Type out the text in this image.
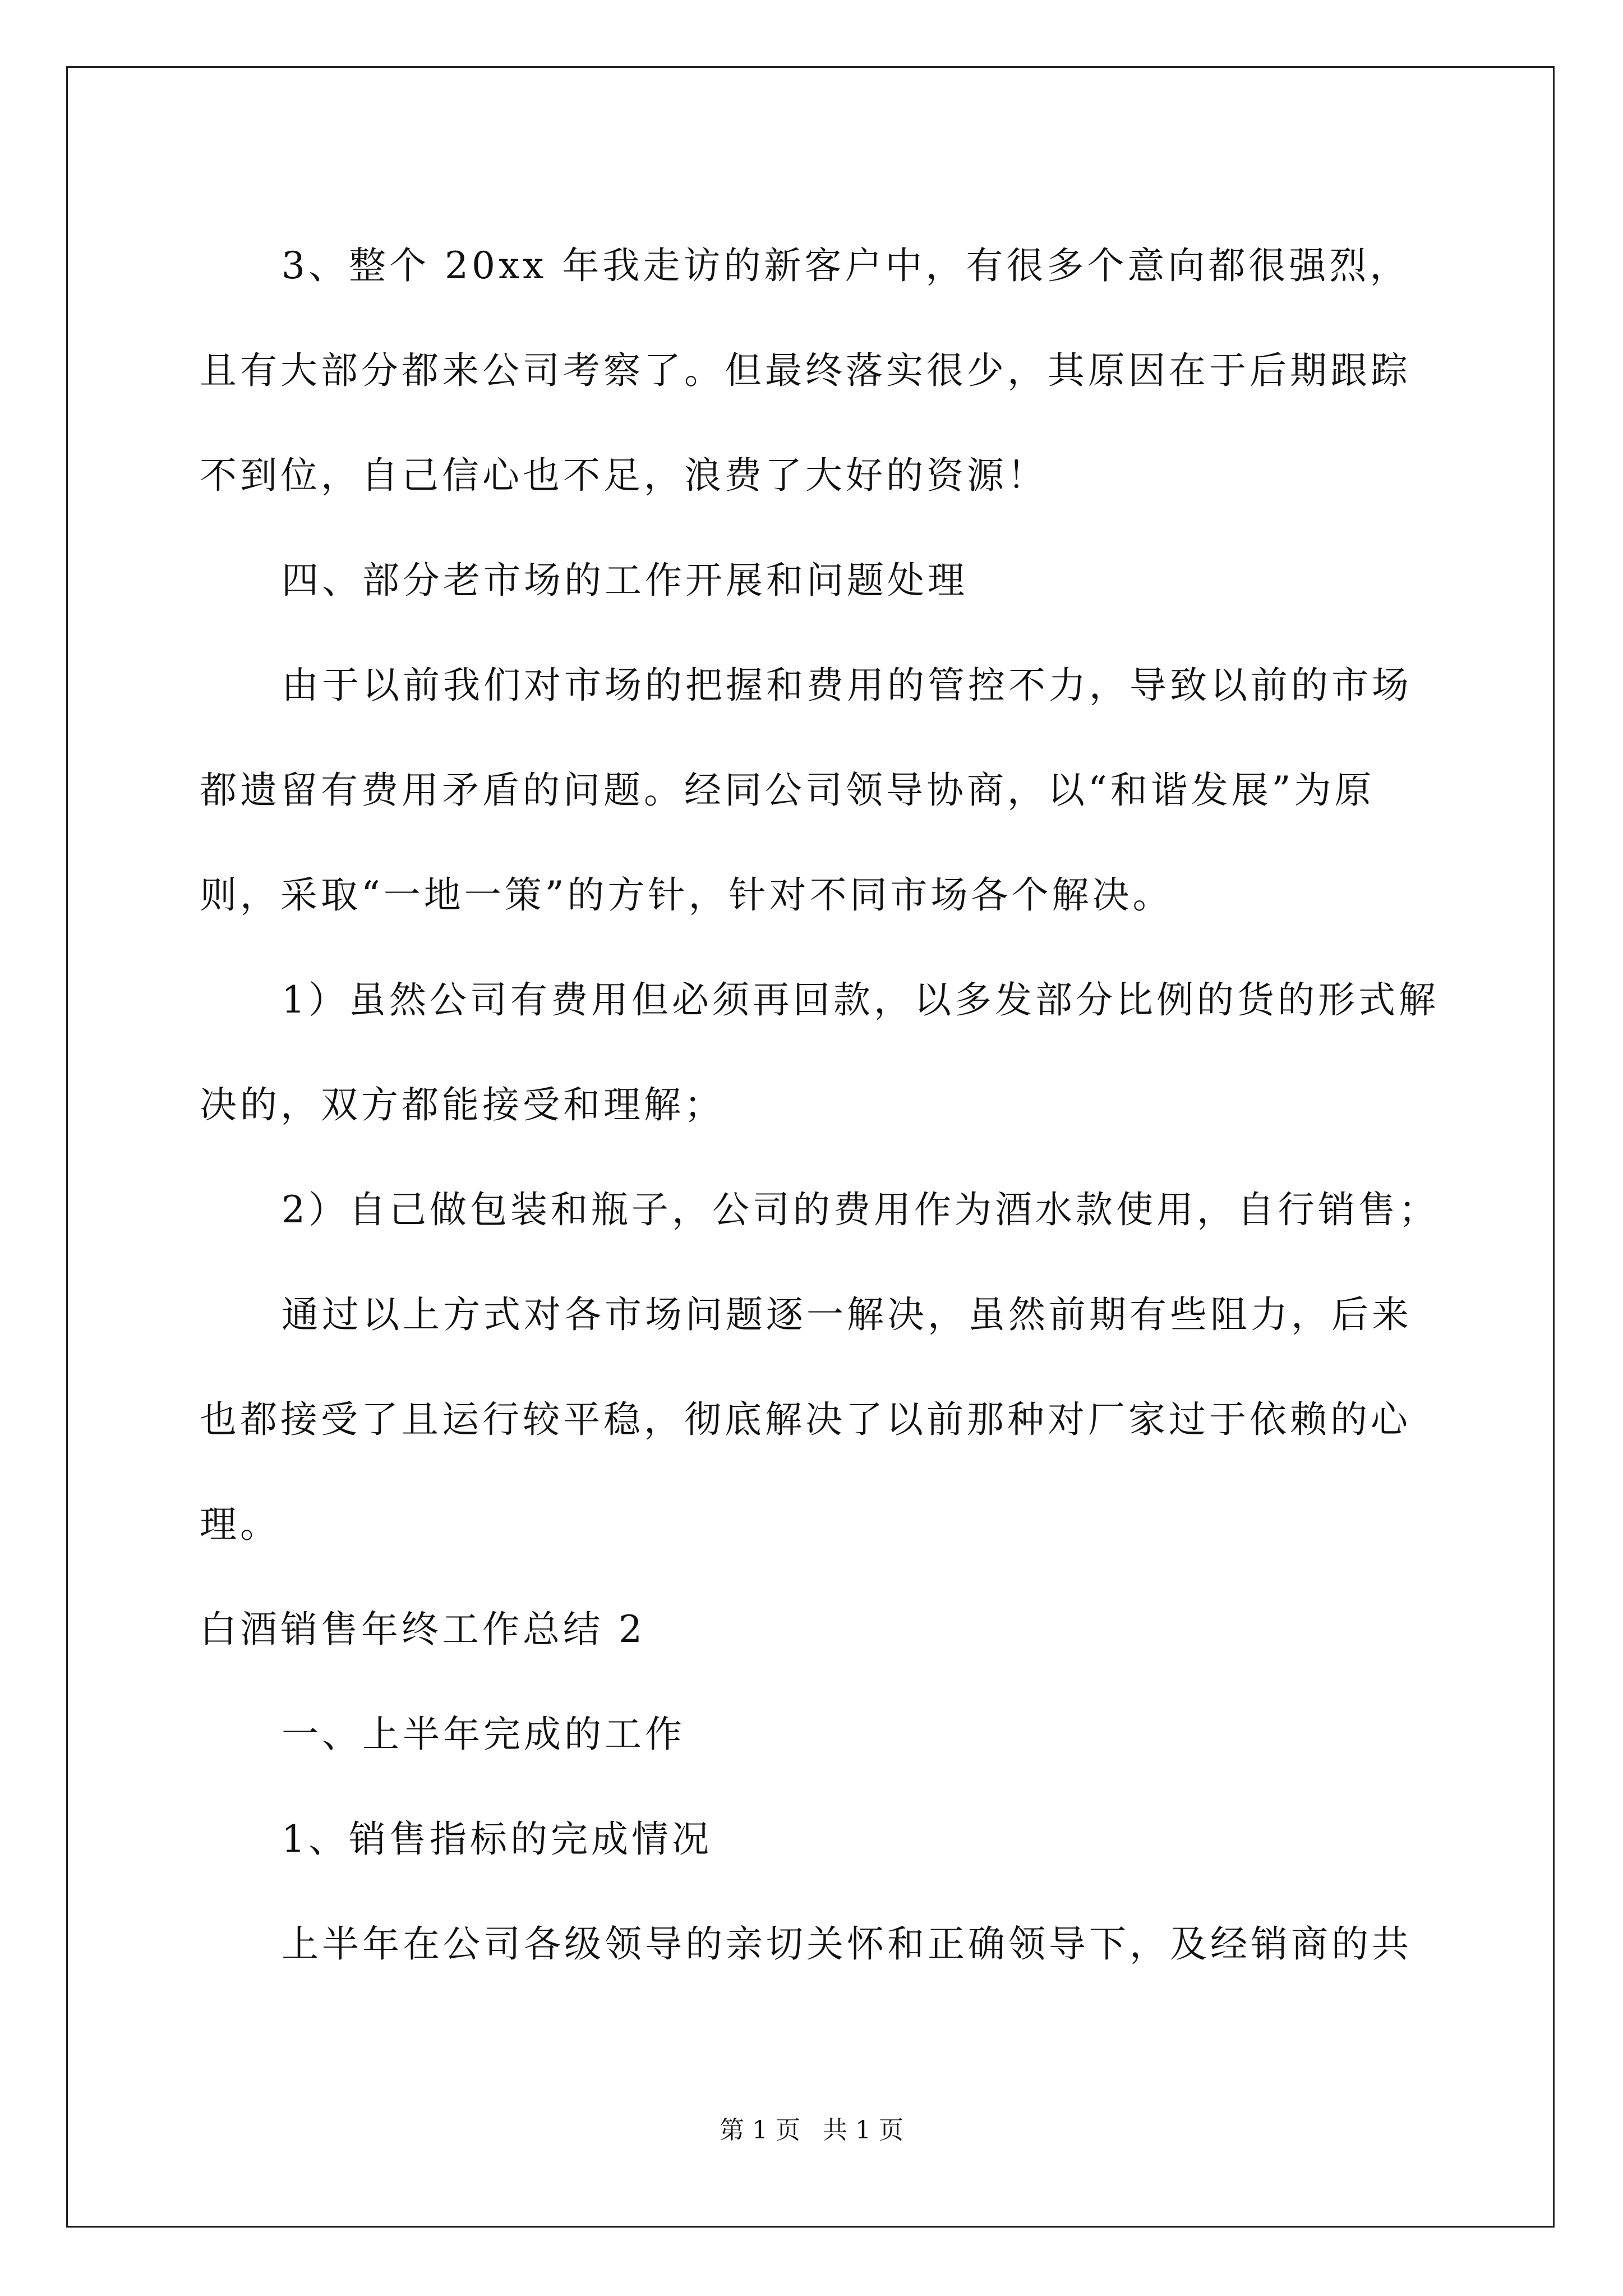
3、整个 20xx 年我走访的新客户中，有很多个意向都很强烈，且有大部分都来公司考察了。但最终落实很少，其原因在于后期跟踪不到位，自己信心也不足，浪费了大好的资源！

四、部分老市场的工作开展和问题处理

由于以前我们对市场的把握和费用的管控不力，导致以前的市场都遗留有费用矛盾的问题。经同公司领导协商，以“和谐发展”为原则，采取“一地一策”的方针，针对不同市场各个解决。

1）虽然公司有费用但必须再回款，以多发部分比例的货的形式解决的，双方都能接受和理解；

2）自己做包装和瓶子，公司的费用作为酒水款使用，自行销售；

通过以上方式对各市场问题逐一解决，虽然前期有些阻力，后来也都接受了且运行较平稳，彻底解决了以前那种对厂家过于依赖的心理。

白酒销售年终工作总结 2

一、上半年完成的工作

1、销售指标的完成情况

上半年在公司各级领导的亲切关怀和正确领导下，及经销商的共

第 1 页 共 1 页
